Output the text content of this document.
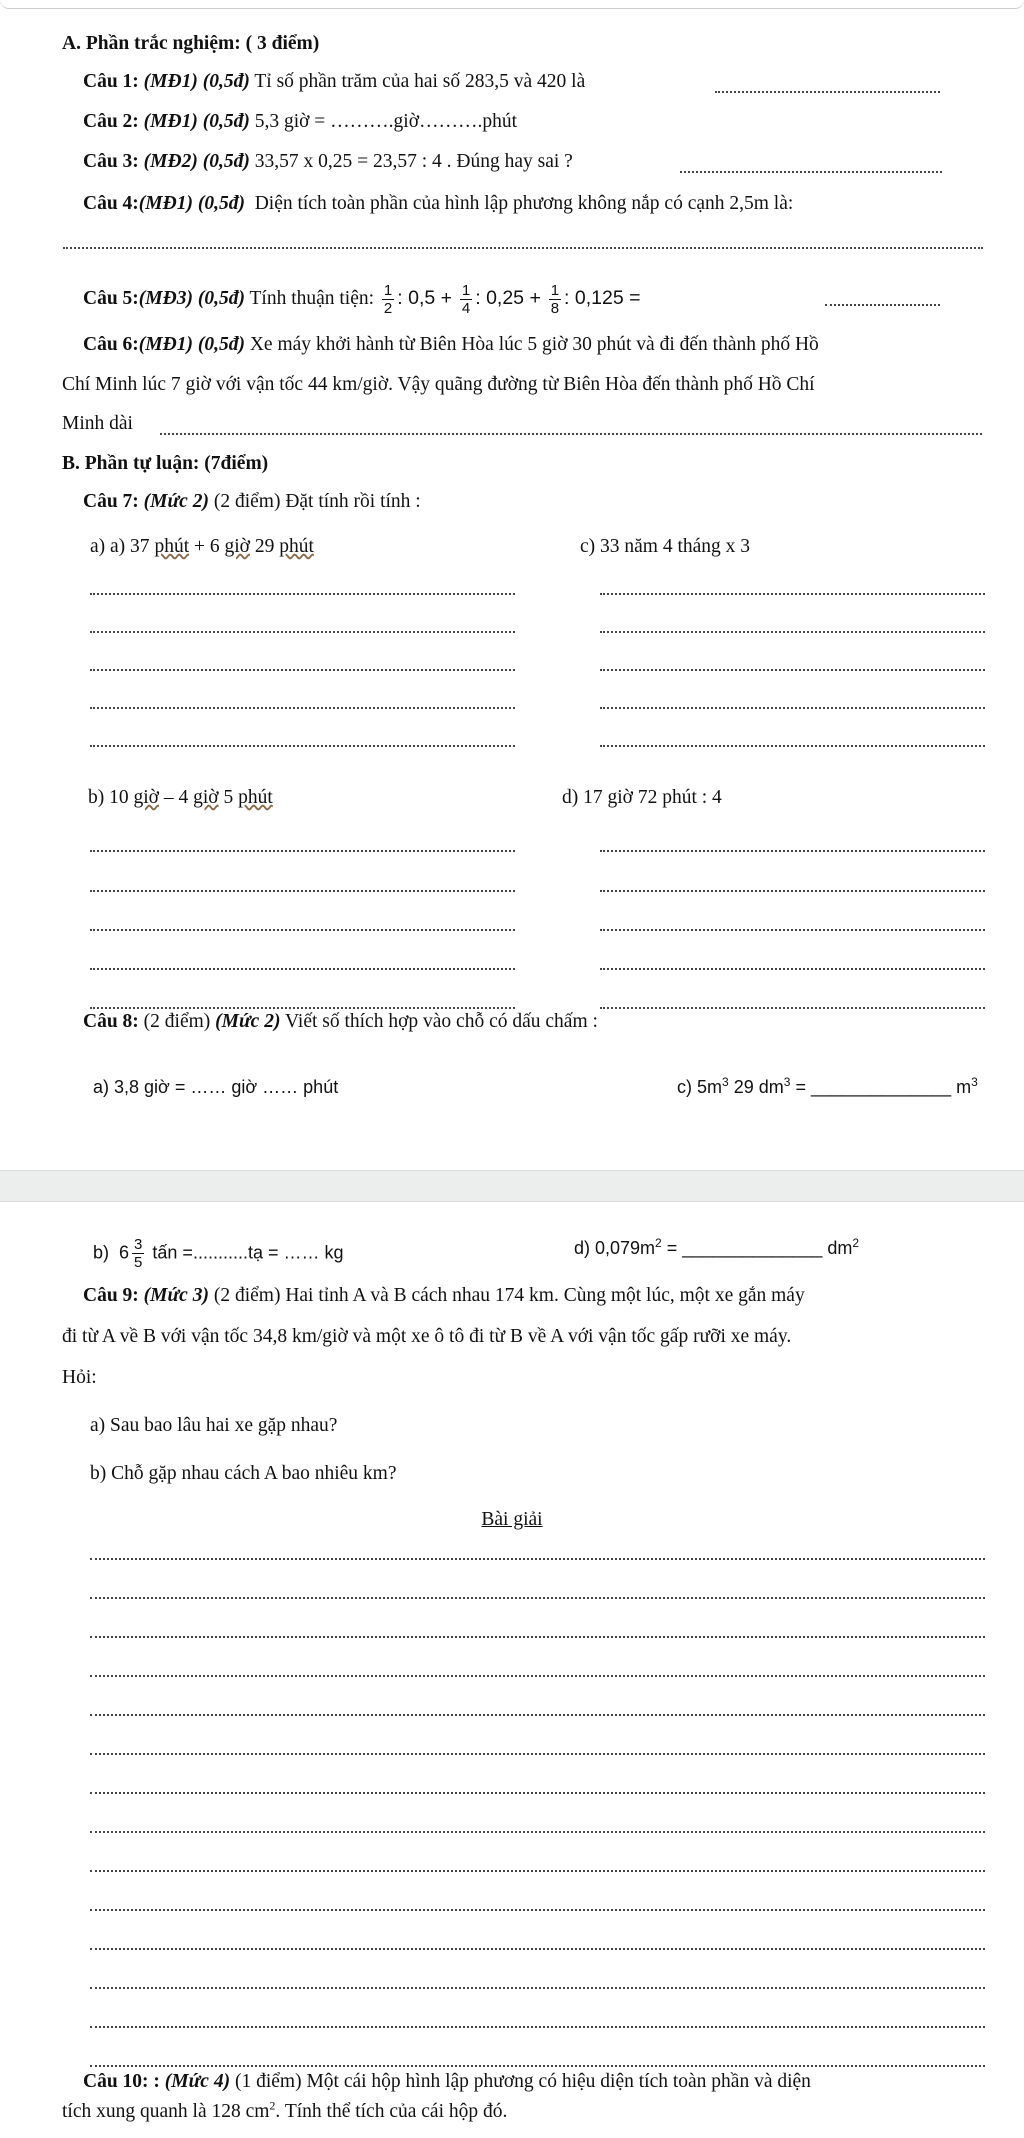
A. Phần trắc nghiệm: ( 3 điểm)
Câu 1: (MĐ1) (0,5đ) Tỉ số phần trăm của hai số 283,5 và 420 là
Câu 2: (MĐ1) (0,5đ) 5,3 giờ = ……….giờ……….phút
Câu 3: (MĐ2) (0,5đ) 33,57 x 0,25 = 23,57 : 4 . Đúng hay sai ?
Câu 4:(MĐ1) (0,5đ) Diện tích toàn phần của hình lập phương không nắp có cạnh 2,5m là:
Câu 5:(MĐ3) (0,5đ) Tính thuận tiện: $\frac{1}{2}$ : $0,5 + \frac{1}{4}$ : $0,25 + \frac{1}{8}$ : 0,125 =
Câu 6:(MĐ1) (0,5đ) Xe máy khởi hành từ Biên Hòa lúc 5 giờ 30 phút và đi đến thành phố Hồ
Chí Minh lúc 7 giờ với vận tốc 44 km/giờ. Vậy quãng đường từ Biên Hòa đến thành phố Hồ Chí
Minh dài
B. Phần tự luận: (7điểm)
Câu 7: (Mức 2) (2 điểm) Đặt tính rồi tính :
a) a) 37 phút + 6 giờ 29 phút	c) 33 năm 4 tháng x 3
b) 10 giờ – 4 giờ 5 phút	d) 17 giờ 72 phút : 4
Câu 8: (2 điểm) (Mức 2) Viết số thích hợp vào chỗ có dấu chấm :
a) 3,8 giờ = …… giờ …… phút	c) $5m^3$ 29 $dm^3$ = ______________ $m^3$
b) $6 \frac{3}{5}$ tấn =...........tạ = …… kg	d) $0,079m^2$ = ______________ $dm^2$
Câu 9: (Mức 3) (2 điểm) Hai tỉnh A và B cách nhau 174 km. Cùng một lúc, một xe gắn máy
đi từ A về B với vận tốc 34,8 km/giờ và một xe ô tô đi từ B về A với vận tốc gấp rưỡi xe máy.
Hỏi:
a) Sau bao lâu hai xe gặp nhau?
b) Chỗ gặp nhau cách A bao nhiêu km?
Bài giải
Câu 10: : (Mức 4) (1 điểm) Một cái hộp hình lập phương có hiệu diện tích toàn phần và diện
tích xung quanh là 128 $cm^2$. Tính thể tích của cái hộp đó.
